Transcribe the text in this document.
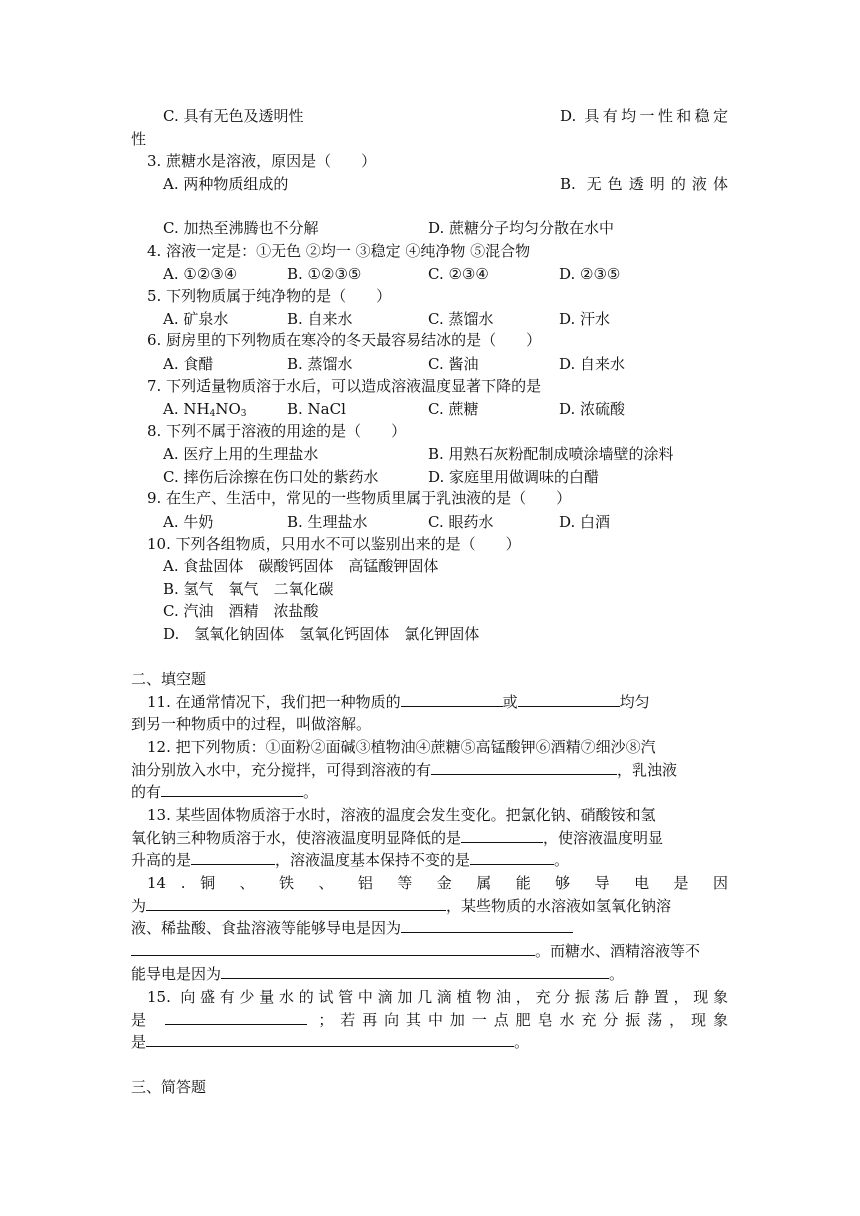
C. 具有无色及透明性	D. 具有均一性和稳定
性
3. 蔗糖水是溶液，原因是（　　）
A. 两种物质组成的	B. 无色透明的液体
C. 加热至沸腾也不分解	D. 蔗糖分子均匀分散在水中
4. 溶液一定是：①无色 ②均一 ③稳定 ④纯净物 ⑤混合物
A. ①②③④	B. ①②③⑤	C. ②③④	D. ②③⑤
5. 下列物质属于纯净物的是（　　）
A. 矿泉水	B. 自来水	C. 蒸馏水	D. 汗水
6. 厨房里的下列物质在寒冷的冬天最容易结冰的是（　　）
A. 食醋	B. 蒸馏水	C. 酱油	D. 自来水
7. 下列适量物质溶于水后，可以造成溶液温度显著下降的是
A. $NH_4NO_3$	B. NaCl	C. 蔗糖	D. 浓硫酸
8. 下列不属于溶液的用途的是（　　）
A. 医疗上用的生理盐水	B. 用熟石灰粉配制成喷涂墙壁的涂料
C. 摔伤后涂擦在伤口处的紫药水	D. 家庭里用做调味的白醋
9. 在生产、生活中，常见的一些物质里属于乳浊液的是（　　）
A. 牛奶	B. 生理盐水	C. 眼药水	D. 白酒
10. 下列各组物质，只用水不可以鉴别出来的是（　　）
A. 食盐固体　碳酸钙固体　高锰酸钾固体
B. 氢气　氧气　二氧化碳
C. 汽油　酒精　浓盐酸
D.　氢氧化钠固体　氢氧化钙固体　氯化钾固体
二、填空题
11. 在通常情况下，我们把一种物质的	或	均匀
到另一种物质中的过程，叫做溶解。
12. 把下列物质：①面粉②面碱③植物油④蔗糖⑤高锰酸钾⑥酒精⑦细沙⑧汽
油分别放入水中，充分搅拌，可得到溶液的有	，乳浊液
的有	。
13. 某些固体物质溶于水时，溶液的温度会发生变化。把氯化钠、硝酸铵和氢
氧化钠三种物质溶于水，使溶液温度明显降低的是	，使溶液温度明显
升高的是	，溶液温度基本保持不变的是	。
14 . 铜 、 铁 、 铝 等 金 属 能 够 导 电 是 因
为	，某些物质的水溶液如氢氧化钠溶
液、稀盐酸、食盐溶液等能够导电是因为
。而糖水、酒精溶液等不
能导电是因为	。
15. 向盛有少量水的试管中滴加几滴植物油，充分振荡后静置，现象
是	；若再向其中加一点肥皂水充分振荡，现象
是	。
三、简答题
